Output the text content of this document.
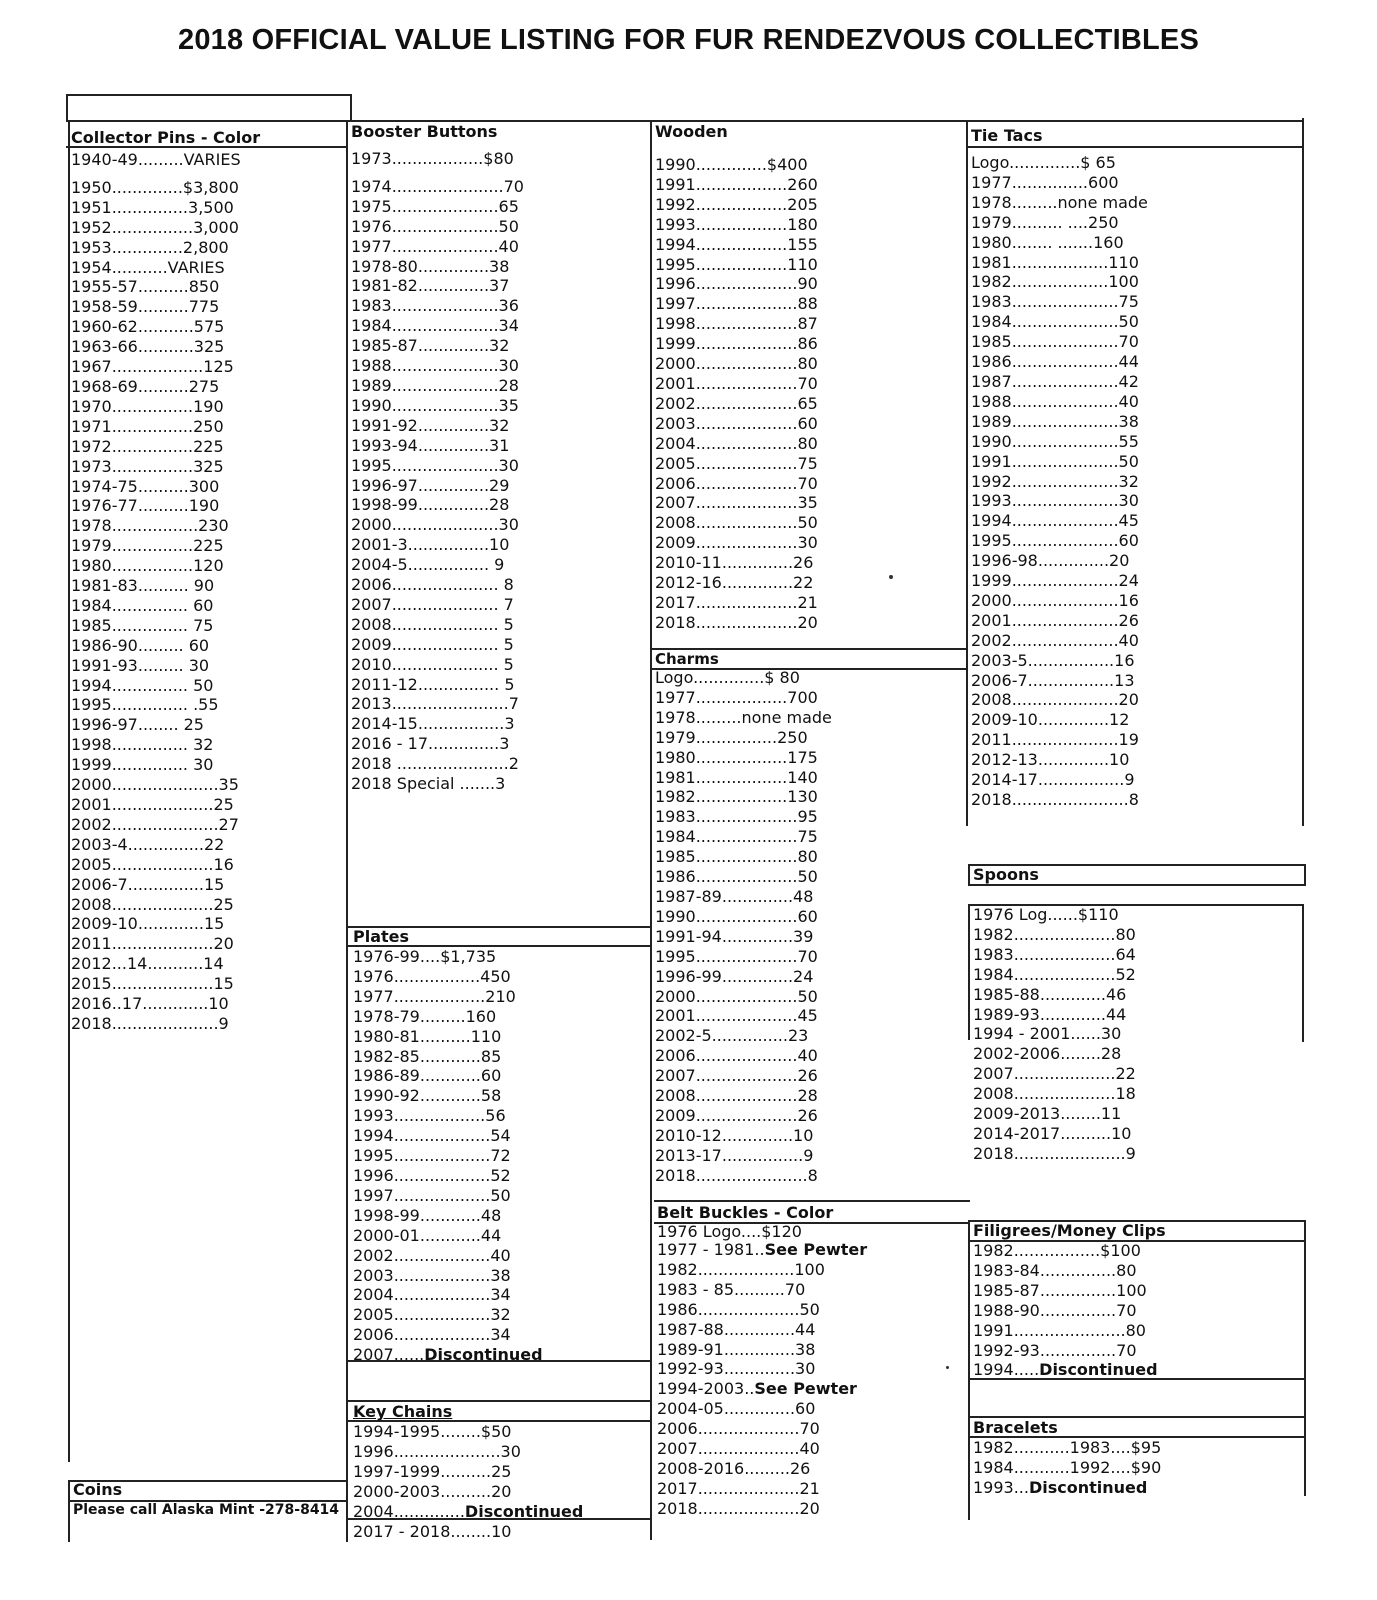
2018 OFFICIAL VALUE LISTING FOR FUR RENDEZVOUS COLLECTIBLES
Collector Pins - Color
1940-49.........VARIES
1950..............$3,800
1951...............3,500
1952................3,000
1953..............2,800
1954...........VARIES
1955-57..........850
1958-59..........775
1960-62...........575
1963-66...........325
1967..................125
1968-69..........275
1970................190
1971................250
1972................225
1973................325
1974-75..........300
1976-77..........190
1978.................230
1979................225
1980................120
1981-83.......... 90
1984............... 60
1985............... 75
1986-90......... 60
1991-93......... 30
1994............... 50
1995............... .55
1996-97........ 25
1998............... 32
1999............... 30
2000.....................35
2001....................25
2002.....................27
2003-4...............22
2005....................16
2006-7...............15
2008....................25
2009-10.............15
2011....................20
2012...14...........14
2015....................15
2016..17.............10
2018.....................9
Coins
Please call Alaska Mint -278-8414
Booster Buttons
1973..................$80
1974......................70
1975.....................65
1976.....................50
1977.....................40
1978-80..............38
1981-82..............37
1983.....................36
1984.....................34
1985-87..............32
1988.....................30
1989.....................28
1990.....................35
1991-92..............32
1993-94..............31
1995.....................30
1996-97..............29
1998-99..............28
2000.....................30
2001-3................10
2004-5................ 9
2006..................... 8
2007..................... 7
2008..................... 5
2009..................... 5
2010..................... 5
2011-12................ 5
2013.......................7
2014-15.................3
2016 - 17..............3
2018 ......................2
2018 Special .......3
Plates
1976-99....$1,735
1976.................450
1977..................210
1978-79.........160
1980-81..........110
1982-85............85
1986-89............60
1990-92............58
1993..................56
1994...................54
1995...................72
1996...................52
1997...................50
1998-99............48
2000-01............44
2002...................40
2003...................38
2004...................34
2005...................32
2006...................34
2007......Discontinued
Key Chains
1994-1995........$50
1996.....................30
1997-1999..........25
2000-2003..........20
2004..............Discontinued
2017 - 2018........10
Wooden
1990..............$400
1991..................260
1992..................205
1993..................180
1994..................155
1995..................110
1996....................90
1997....................88
1998....................87
1999....................86
2000....................80
2001....................70
2002....................65
2003....................60
2004....................80
2005....................75
2006....................70
2007....................35
2008....................50
2009....................30
2010-11..............26
2012-16..............22
2017....................21
2018....................20
Charms
Logo..............$ 80
1977..................700
1978.........none made
1979................250
1980..................175
1981..................140
1982..................130
1983....................95
1984....................75
1985....................80
1986....................50
1987-89..............48
1990....................60
1991-94..............39
1995....................70
1996-99..............24
2000....................50
2001....................45
2002-5...............23
2006....................40
2007....................26
2008....................28
2009....................26
2010-12..............10
2013-17................9
2018......................8
Belt Buckles - Color
1976 Logo....$120
1977 - 1981..See Pewter
1982...................100
1983 - 85..........70
1986....................50
1987-88..............44
1989-91..............38
1992-93..............30
1994-2003..See Pewter
2004-05..............60
2006....................70
2007....................40
2008-2016.........26
2017....................21
2018....................20
Tie Tacs
Logo..............$ 65
1977...............600
1978.........none made
1979.......... ....250
1980........ .......160
1981...................110
1982...................100
1983.....................75
1984.....................50
1985.....................70
1986.....................44
1987.....................42
1988.....................40
1989.....................38
1990.....................55
1991.....................50
1992.....................32
1993.....................30
1994.....................45
1995.....................60
1996-98..............20
1999.....................24
2000.....................16
2001.....................26
2002.....................40
2003-5.................16
2006-7.................13
2008.....................20
2009-10..............12
2011.....................19
2012-13..............10
2014-17.................9
2018.......................8
Spoons
1976 Log......$110
1982....................80
1983....................64
1984....................52
1985-88.............46
1989-93.............44
1994 - 2001......30
2002-2006........28
2007....................22
2008....................18
2009-2013........11
2014-2017..........10
2018......................9
Filigrees/Money Clips
1982.................$100
1983-84...............80
1985-87...............100
1988-90...............70
1991......................80
1992-93...............70
1994.....Discontinued
Bracelets
1982...........1983....$95
1984...........1992....$90
1993...Discontinued
